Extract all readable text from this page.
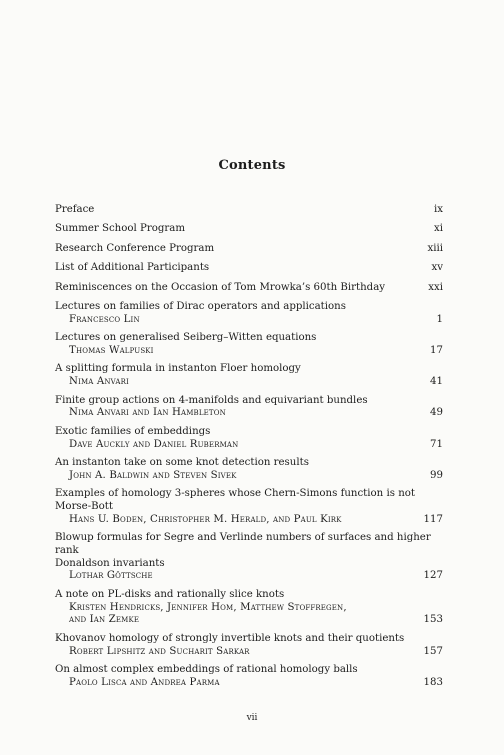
Contents
Preface	ix
Summer School Program	xi
Research Conference Program	xiii
List of Additional Participants	xv
Reminiscences on the Occasion of Tom Mrowka’s 60th Birthday	xxi
Lectures on families of Dirac operators and applications
Francesco Lin	1
Lectures on generalised Seiberg–Witten equations
Thomas Walpuski	17
A splitting formula in instanton Floer homology
Nima Anvari	41
Finite group actions on 4-manifolds and equivariant bundles
Nima Anvari and Ian Hambleton	49
Exotic families of embeddings
Dave Auckly and Daniel Ruberman	71
An instanton take on some knot detection results
John A. Baldwin and Steven Sivek	99
Examples of homology 3-spheres whose Chern-Simons function is not
Morse-Bott
Hans U. Boden, Christopher M. Herald, and Paul Kirk	117
Blowup formulas for Segre and Verlinde numbers of surfaces and higher rank
Donaldson invariants
Lothar Göttsche	127
A note on PL-disks and rationally slice knots
Kristen Hendricks, Jennifer Hom, Matthew Stoffregen,
and Ian Zemke	153
Khovanov homology of strongly invertible knots and their quotients
Robert Lipshitz and Sucharit Sarkar	157
On almost complex embeddings of rational homology balls
Paolo Lisca and Andrea Parma	183
vii
